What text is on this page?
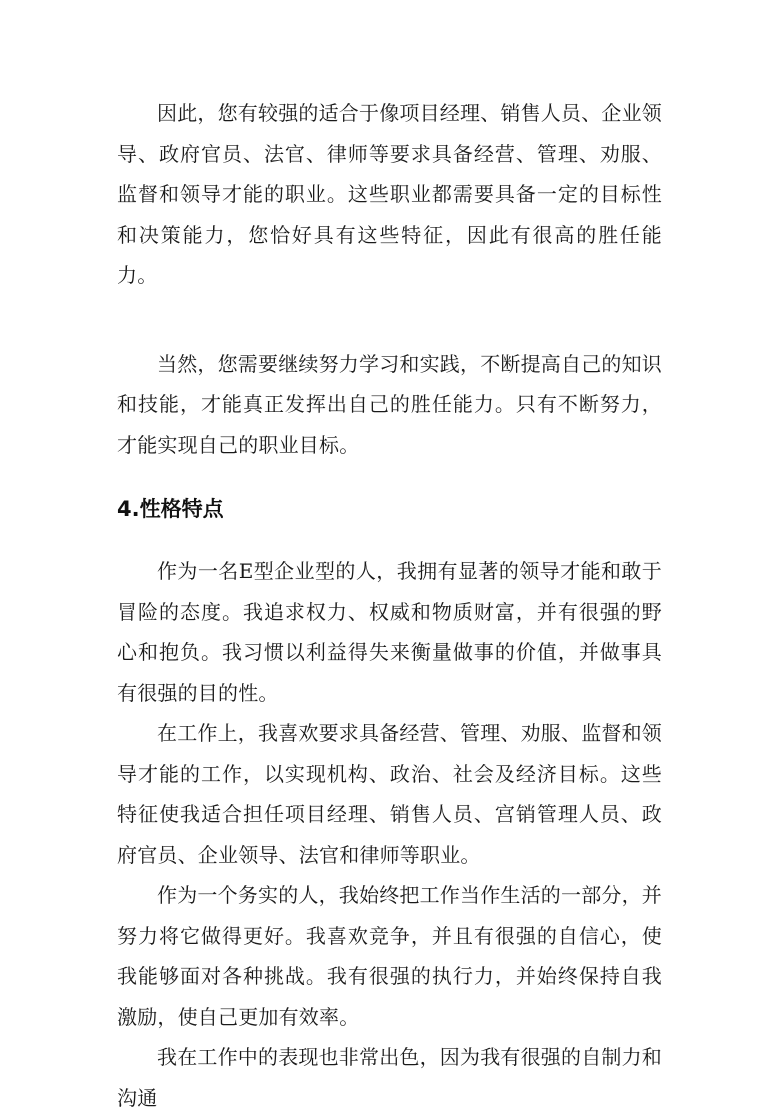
因此，您有较强的适合于像项目经理、销售人员、企业领导、政府官员、法官、律师等要求具备经营、管理、劝服、监督和领导才能的职业。这些职业都需要具备一定的目标性和决策能力，您恰好具有这些特征，因此有很高的胜任能力。

当然，您需要继续努力学习和实践，不断提高自己的知识和技能，才能真正发挥出自己的胜任能力。只有不断努力，才能实现自己的职业目标。

4.性格特点

作为一名E型企业型的人，我拥有显著的领导才能和敢于冒险的态度。我追求权力、权威和物质财富，并有很强的野心和抱负。我习惯以利益得失来衡量做事的价值，并做事具有很强的目的性。

在工作上，我喜欢要求具备经营、管理、劝服、监督和领导才能的工作，以实现机构、政治、社会及经济目标。这些特征使我适合担任项目经理、销售人员、宫销管理人员、政府官员、企业领导、法官和律师等职业。

作为一个务实的人，我始终把工作当作生活的一部分，并努力将它做得更好。我喜欢竞争，并且有很强的自信心，使我能够面对各种挑战。我有很强的执行力，并始终保持自我激励，使自己更加有效率。

我在工作中的表现也非常出色，因为我有很强的自制力和沟通
